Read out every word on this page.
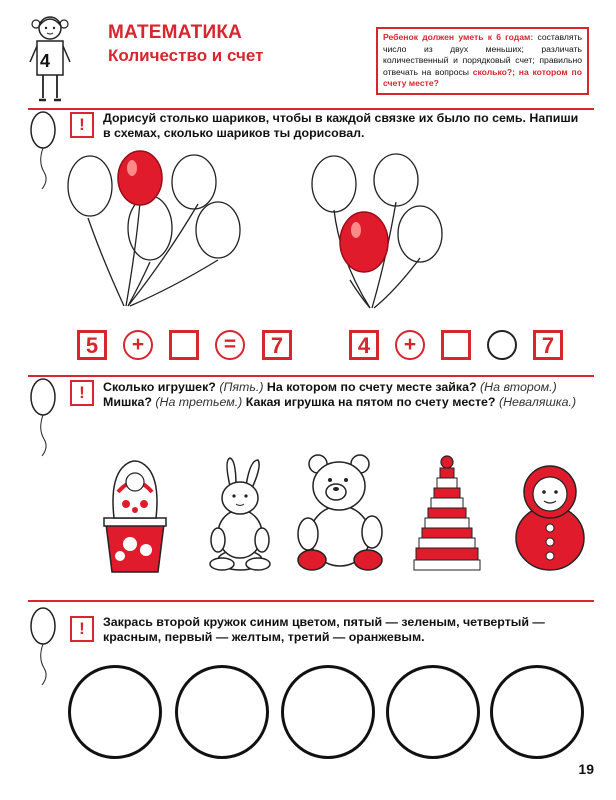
4
МАТЕМАТИКА
Количество и счет
Ребенок должен уметь к 6 годам: составлять число из двух меньших; различать количественный и порядковый счет; правильно отвечать на вопросы сколько?; на котором по счету месте?
!	Дорисуй столько шариков, чтобы в каждой связке их было по семь. Напиши в схемах, сколько шариков ты дорисовал.
5	+	=	7	4	+	7
!	Сколько игрушек? (Пять.) На котором по счету месте зайка? (На втором.) Мишка? (На третьем.) Какая игрушка на пятом по счету месте? (Неваляшка.)
!	Закрась второй кружок синим цветом, пятый — зеленым, четвертый — красным, первый — желтым, третий — оранжевым.
19
